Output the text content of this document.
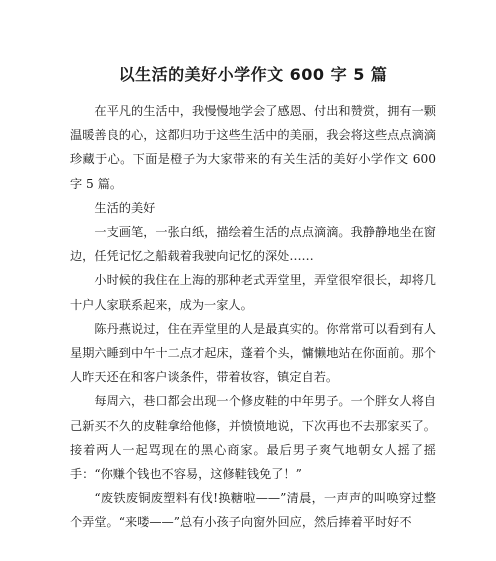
以生活的美好小学作文 600 字 5 篇

在平凡的生活中，我慢慢地学会了感恩、付出和赞赏，拥有一颗温暖善良的心，这都归功于这些生活中的美丽，我会将这些点点滴滴珍藏于心。下面是橙子为大家带来的有关生活的美好小学作文 600 字 5 篇。

生活的美好

一支画笔，一张白纸，描绘着生活的点点滴滴。我静静地坐在窗边，任凭记忆之船载着我驶向记忆的深处……

小时候的我住在上海的那种老式弄堂里，弄堂很窄很长，却将几十户人家联系起来，成为一家人。

陈丹燕说过，住在弄堂里的人是最真实的。你常常可以看到有人星期六睡到中午十二点才起床，蓬着个头，慵懒地站在你面前。那个人昨天还在和客户谈条件，带着妆容，镇定自若。

每周六，巷口都会出现一个修皮鞋的中年男子。一个胖女人将自己新买不久的皮鞋拿给他修，并愤愤地说，下次再也不去那家买了。接着两人一起骂现在的黑心商家。最后男子爽气地朝女人摇了摇手：“你赚个钱也不容易，这修鞋钱免了！”

“废铁废铜废塑料有伐!换糖啦——”清晨，一声声的叫唤穿过整个弄堂。“来喽——”总有小孩子向窗外回应，然后捧着平时好不
